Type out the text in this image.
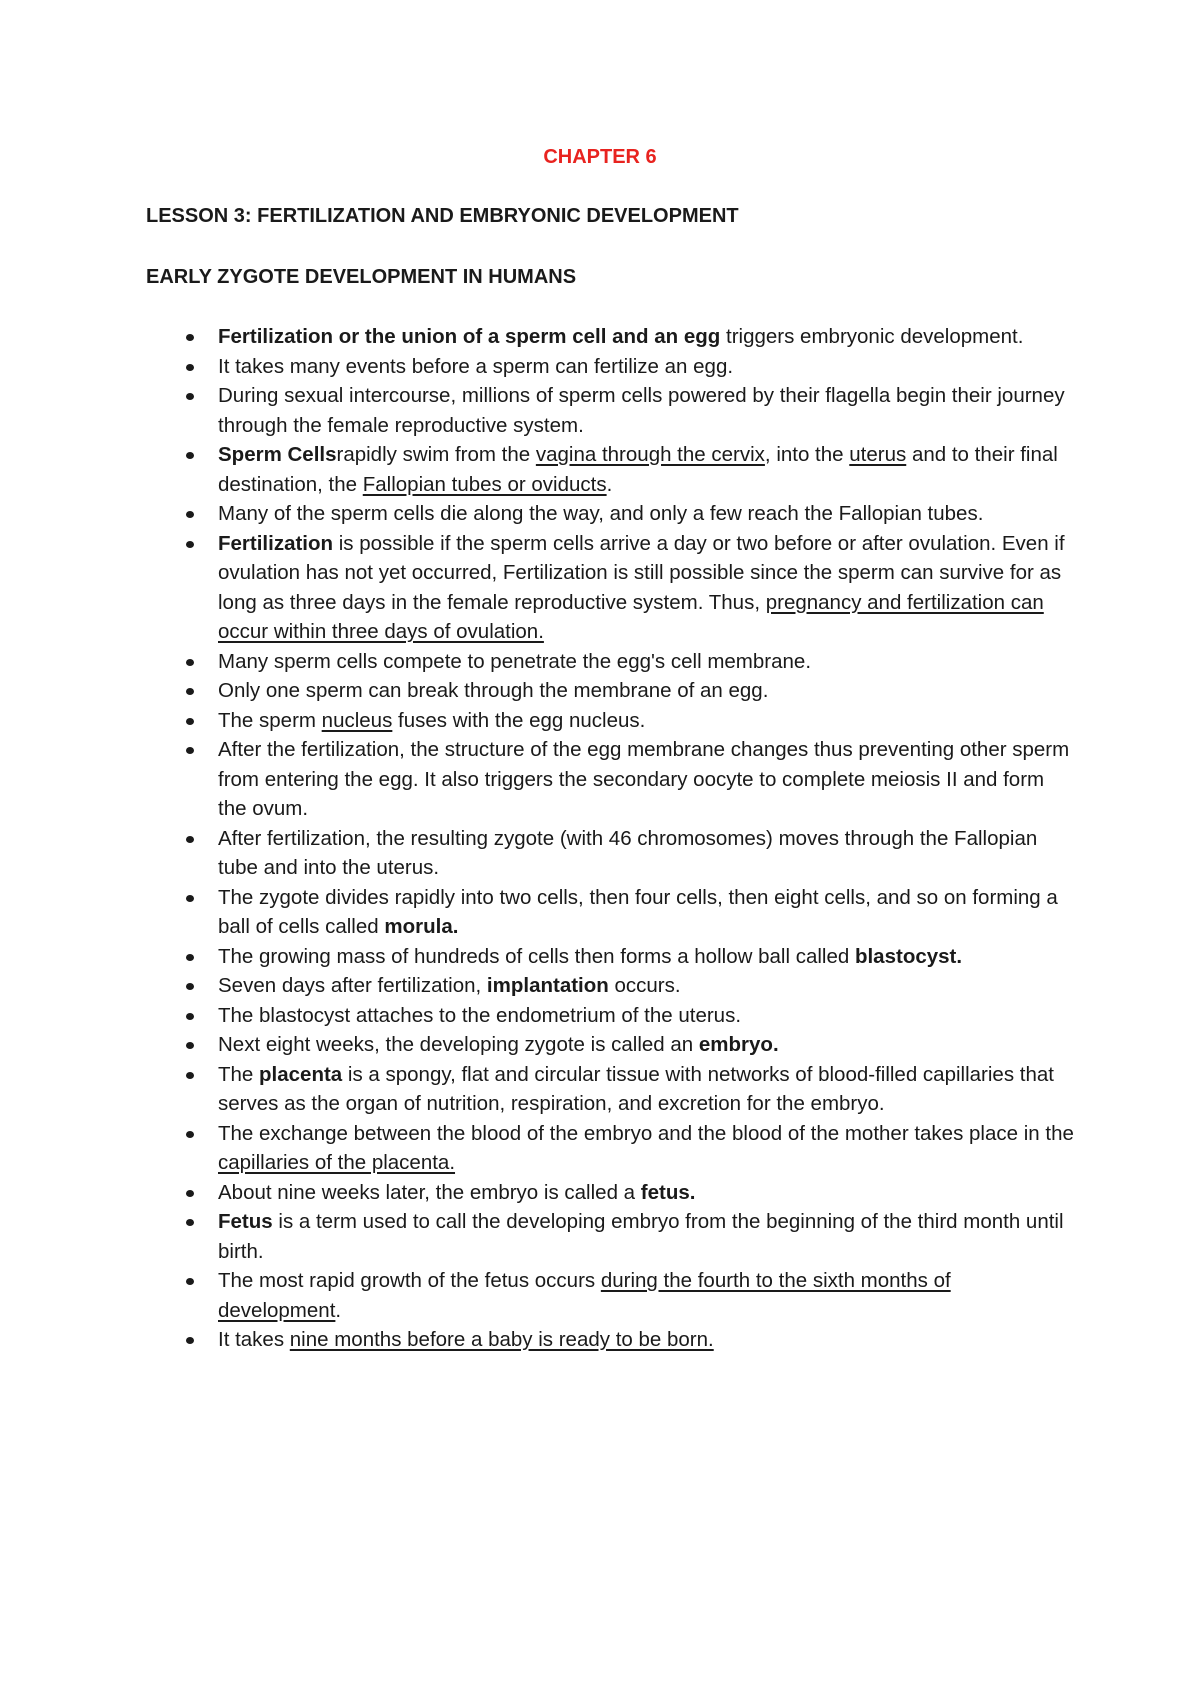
CHAPTER 6
LESSON 3: FERTILIZATION AND EMBRYONIC DEVELOPMENT
EARLY ZYGOTE DEVELOPMENT IN HUMANS
Fertilization or the union of a sperm cell and an egg triggers embryonic development.
It takes many events before a sperm can fertilize an egg.
During sexual intercourse, millions of sperm cells powered by their flagella begin their journey through the female reproductive system.
Sperm Cellsrapidly swim from the vagina through the cervix, into the uterus and to their final destination, the Fallopian tubes or oviducts.
Many of the sperm cells die along the way, and only a few reach the Fallopian tubes.
Fertilization is possible if the sperm cells arrive a day or two before or after ovulation. Even if ovulation has not yet occurred, Fertilization is still possible since the sperm can survive for as long as three days in the female reproductive system. Thus, pregnancy and fertilization can occur within three days of ovulation.
Many sperm cells compete to penetrate the egg's cell membrane.
Only one sperm can break through the membrane of an egg.
The sperm nucleus fuses with the egg nucleus.
After the fertilization, the structure of the egg membrane changes thus preventing other sperm from entering the egg. It also triggers the secondary oocyte to complete meiosis II and form the ovum.
After fertilization, the resulting zygote (with 46 chromosomes) moves through the Fallopian tube and into the uterus.
The zygote divides rapidly into two cells, then four cells, then eight cells, and so on forming a ball of cells called morula.
The growing mass of hundreds of cells then forms a hollow ball called blastocyst.
Seven days after fertilization, implantation occurs.
The blastocyst attaches to the endometrium of the uterus.
Next eight weeks, the developing zygote is called an embryo.
The placenta is a spongy, flat and circular tissue with networks of blood-filled capillaries that serves as the organ of nutrition, respiration, and excretion for the embryo.
The exchange between the blood of the embryo and the blood of the mother takes place in the capillaries of the placenta.
About nine weeks later, the embryo is called a fetus.
Fetus is a term used to call the developing embryo from the beginning of the third month until birth.
The most rapid growth of the fetus occurs during the fourth to the sixth months of development.
It takes nine months before a baby is ready to be born.
